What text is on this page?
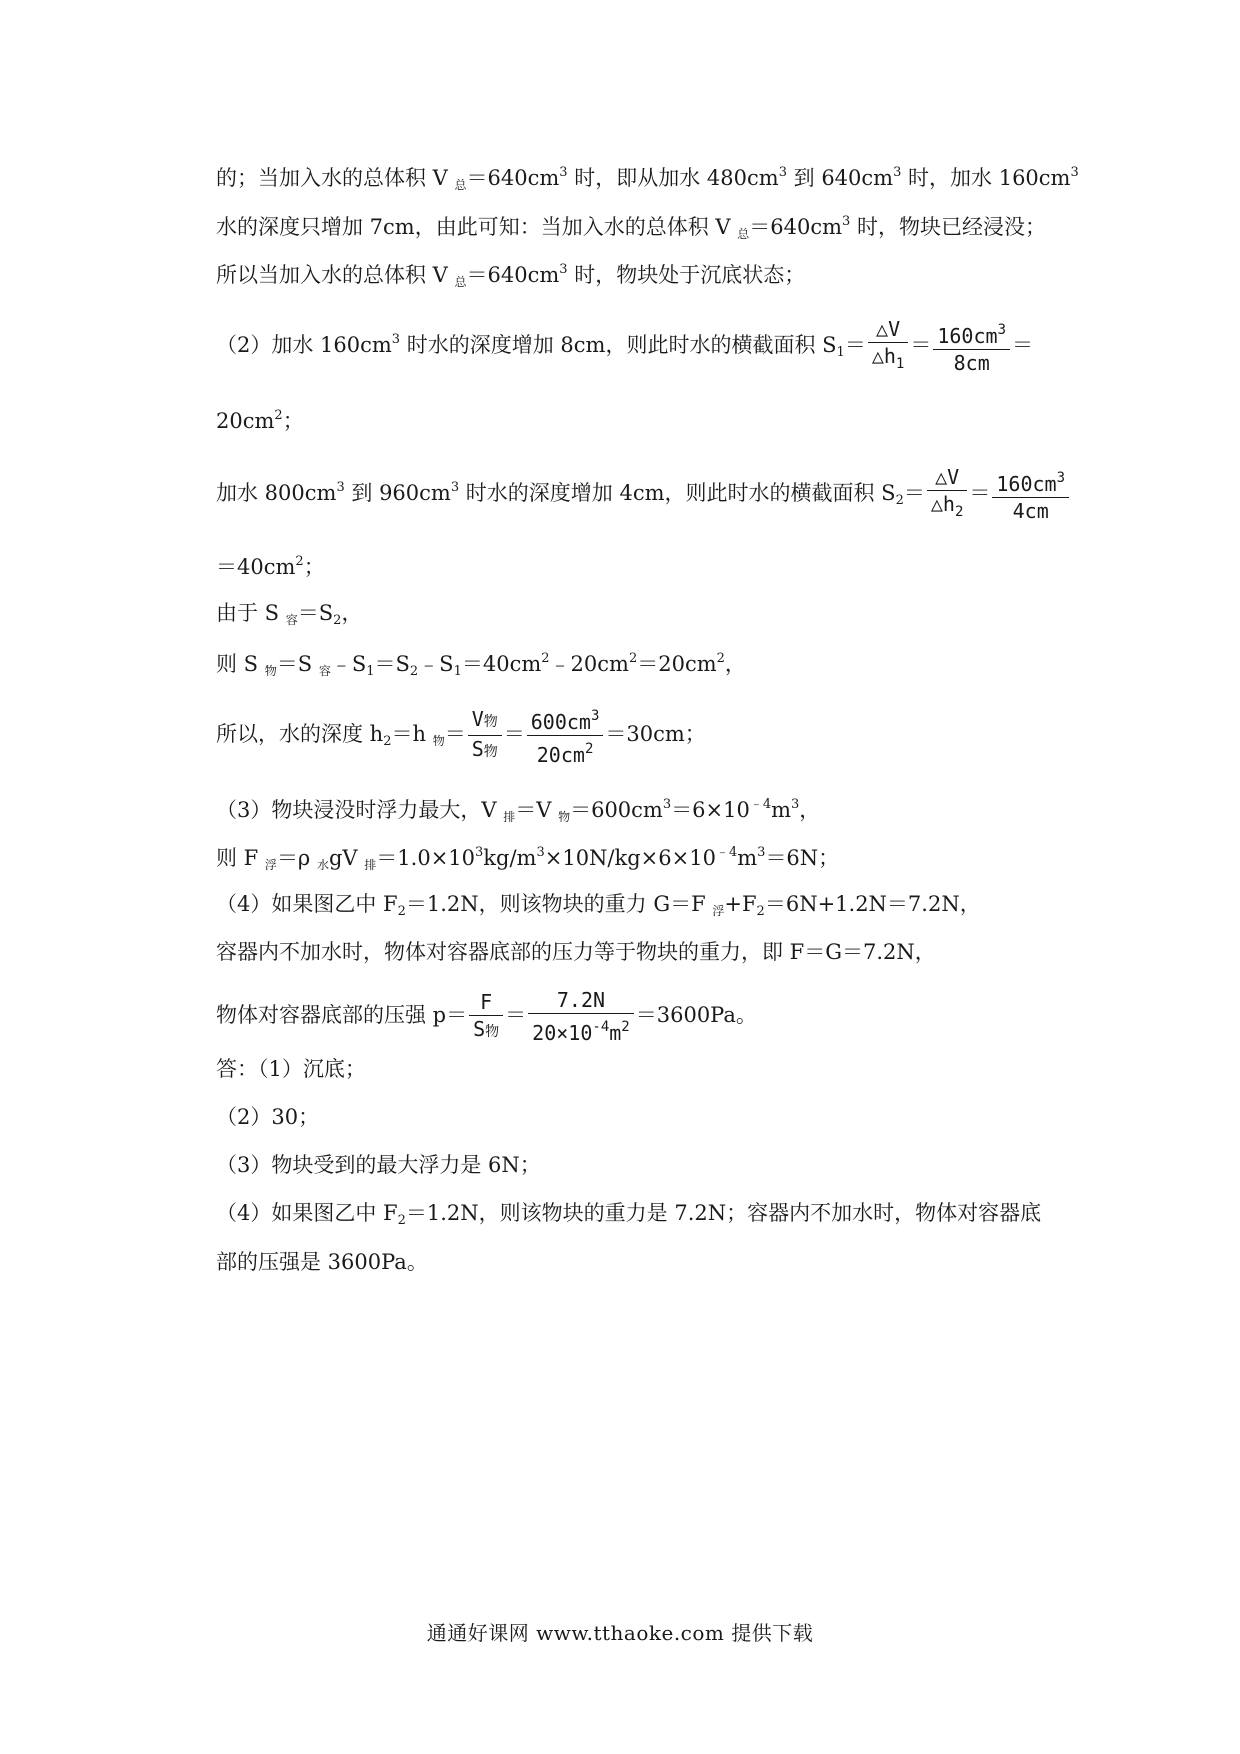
的；当加入水的总体积 V 总$=640cm^3$ 时，即从加水 $480cm^3$ 到 $640cm^3$ 时，加水 $160cm^3$
水的深度只增加 7cm，由此可知：当加入水的总体积 V 总$=640cm^3$ 时，物块已经浸没；
所以当加入水的总体积 V 总$=640cm^3$ 时，物块处于沉底状态；
（2）加水 $160cm^3$ 时水的深度增加 8cm，则此时水的横截面积 $S_1= \frac{\triangle V}{\triangle h_1} = \frac{160cm^3}{8cm}$ ＝
$20cm^2$；
加水 $800cm^3$ 到 $960cm^3$ 时水的深度增加 4cm，则此时水的横截面积 $S_2= \frac{\triangle V}{\triangle h_2} = \frac{160cm^3}{4cm}$
$=40cm^2$；
由于 S 容$=S_2$，
则 S 物＝S 容$﹣S_1=S_2﹣S_1=40cm^2﹣20cm^2=20cm^2$，
所以，水的深度 $h_2=h$ 物＝ $\frac{\text{V物}}{\text{S物}} = \frac{600cm^3}{20cm^2} =30cm$；
（3）物块浸没时浮力最大，V 排＝V 物$=600cm^3=6\times 10^{﹣4}m^3$，
则 F 浮＝ρ 水gV 排$=1.0\times 10^3kg/m^3\times 10N/kg\times 6\times 10^{﹣4}m^3=6N$；
（4）如果图乙中 $F_2=1.2N$，则该物块的重力 G＝F 浮$+F_2=6N+1.2N=7.2N$，
容器内不加水时，物体对容器底部的压力等于物块的重力，即 F＝G＝7.2N，
物体对容器底部的压强 $p= \frac{F}{\text{S物}} = \frac{7.2N}{20\times 10^{-4}m^2} =3600Pa$。
答：（1）沉底；
（2）30；
（3）物块受到的最大浮力是 6N；
（4）如果图乙中 $F_2=1.2N$，则该物块的重力是 7.2N；容器内不加水时，物体对容器底
部的压强是 3600Pa。
通通好课网 www.tthaoke.com 提供下载
